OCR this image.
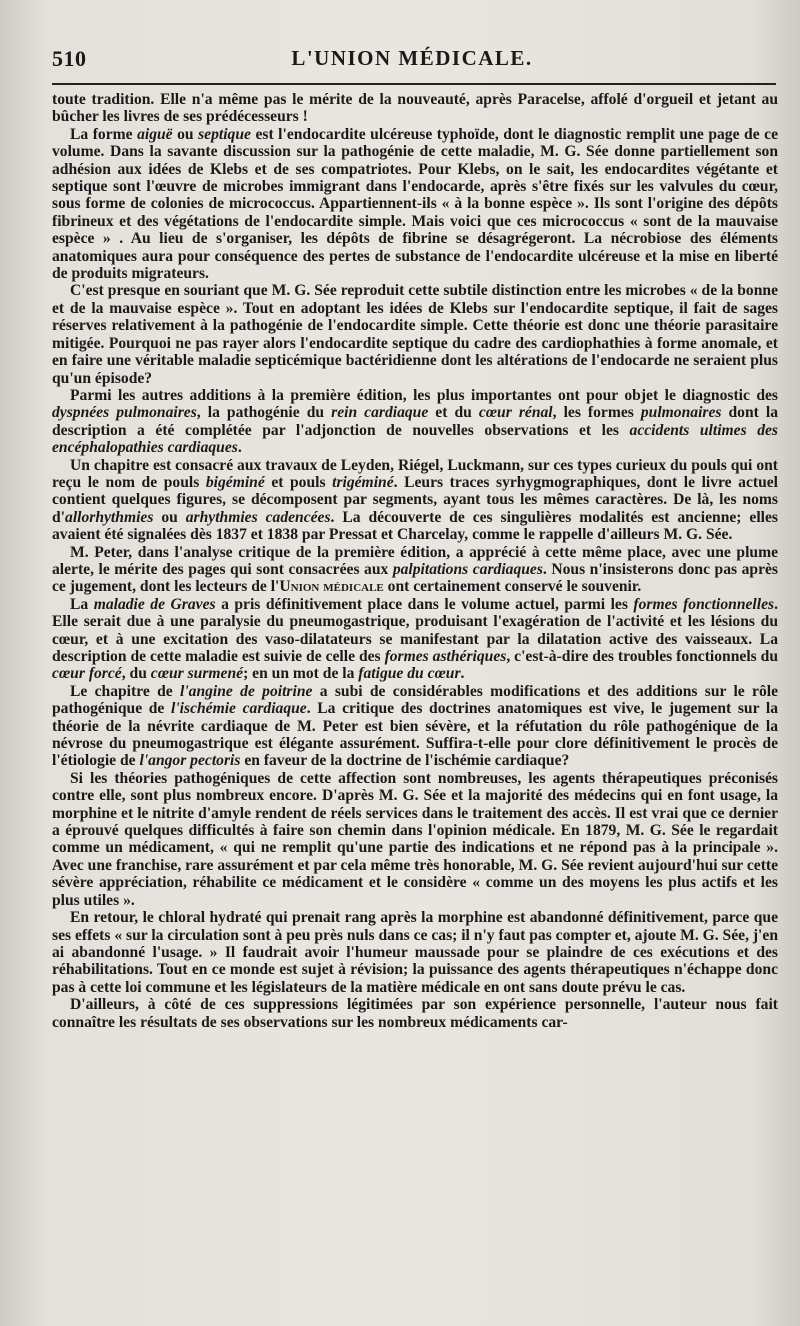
510	L'UNION MÉDICALE.

toute tradition. Elle n'a même pas le mérite de la nouveauté, après Paracelse, affolé d'orgueil et jetant au bûcher les livres de ses prédécesseurs !

La forme aiguë ou septique est l'endocardite ulcéreuse typhoïde, dont le diagnostic remplit une page de ce volume. Dans la savante discussion sur la pathogénie de cette maladie, M. G. Sée donne partiellement son adhésion aux idées de Klebs et de ses compatriotes. Pour Klebs, on le sait, les endocardites végétante et septique sont l'œuvre de microbes immigrant dans l'endocarde, après s'être fixés sur les valvules du cœur, sous forme de colonies de micrococcus. Appartiennent-ils « à la bonne espèce ». Ils sont l'origine des dépôts fibrineux et des végétations de l'endocardite simple. Mais voici que ces micrococcus « sont de la mauvaise espèce » . Au lieu de s'organiser, les dépôts de fibrine se désagrégeront. La nécrobiose des éléments anatomiques aura pour conséquence des pertes de substance de l'endocardite ulcéreuse et la mise en liberté de produits migrateurs.

C'est presque en souriant que M. G. Sée reproduit cette subtile distinction entre les microbes « de la bonne et de la mauvaise espèce ». Tout en adoptant les idées de Klebs sur l'endocardite septique, il fait de sages réserves relativement à la pathogénie de l'endocardite simple. Cette théorie est donc une théorie parasitaire mitigée. Pourquoi ne pas rayer alors l'endocardite septique du cadre des cardiophathies à forme anomale, et en faire une véritable maladie septicémique bactéridienne dont les altérations de l'endocarde ne seraient plus qu'un épisode?

Parmi les autres additions à la première édition, les plus importantes ont pour objet le diagnostic des dyspnées pulmonaires, la pathogénie du rein cardiaque et du cœur rénal, les formes pulmonaires dont la description a été complétée par l'adjonction de nouvelles observations et les accidents ultimes des encéphalopathies cardiaques.

Un chapitre est consacré aux travaux de Leyden, Riégel, Luckmann, sur ces types curieux du pouls qui ont reçu le nom de pouls bigéminé et pouls trigéminé. Leurs traces syrhygmographiques, dont le livre actuel contient quelques figures, se décomposent par segments, ayant tous les mêmes caractères. De là, les noms d'allorhythmies ou arhythmies cadencées. La découverte de ces singulières modalités est ancienne; elles avaient été signalées dès 1837 et 1838 par Pressat et Charcelay, comme le rappelle d'ailleurs M. G. Sée.

M. Peter, dans l'analyse critique de la première édition, a apprécié à cette même place, avec une plume alerte, le mérite des pages qui sont consacrées aux palpitations cardiaques. Nous n'insisterons donc pas après ce jugement, dont les lecteurs de l'Union médicale ont certainement conservé le souvenir.

La maladie de Graves a pris définitivement place dans le volume actuel, parmi les formes fonctionnelles. Elle serait due à une paralysie du pneumogastrique, produisant l'exagération de l'activité et les lésions du cœur, et à une excitation des vaso-dilatateurs se manifestant par la dilatation active des vaisseaux. La description de cette maladie est suivie de celle des formes asthériques, c'est-à-dire des troubles fonctionnels du cœur forcé, du cœur surmené; en un mot de la fatigue du cœur.

Le chapitre de l'angine de poitrine a subi de considérables modifications et des additions sur le rôle pathogénique de l'ischémie cardiaque. La critique des doctrines anatomiques est vive, le jugement sur la théorie de la névrite cardiaque de M. Peter est bien sévère, et la réfutation du rôle pathogénique de la névrose du pneumogastrique est élégante assurément. Suffira-t-elle pour clore définitivement le procès de l'étiologie de l'angor pectoris en faveur de la doctrine de l'ischémie cardiaque?

Si les théories pathogéniques de cette affection sont nombreuses, les agents thérapeutiques préconisés contre elle, sont plus nombreux encore. D'après M. G. Sée et la majorité des médecins qui en font usage, la morphine et le nitrite d'amyle rendent de réels services dans le traitement des accès. Il est vrai que ce dernier a éprouvé quelques difficultés à faire son chemin dans l'opinion médicale. En 1879, M. G. Sée le regardait comme un médicament, « qui ne remplit qu'une partie des indications et ne répond pas à la principale ». Avec une franchise, rare assurément et par cela même très honorable, M. G. Sée revient aujourd'hui sur cette sévère appréciation, réhabilite ce médicament et le considère « comme un des moyens les plus actifs et les plus utiles ».

En retour, le chloral hydraté qui prenait rang après la morphine est abandonné définitivement, parce que ses effets « sur la circulation sont à peu près nuls dans ce cas; il n'y faut pas compter et, ajoute M. G. Sée, j'en ai abandonné l'usage. » Il faudrait avoir l'humeur maussade pour se plaindre de ces exécutions et des réhabilitations. Tout en ce monde est sujet à révision; la puissance des agents thérapeutiques n'échappe donc pas à cette loi commune et les législateurs de la matière médicale en ont sans doute prévu le cas.

D'ailleurs, à côté de ces suppressions légitimées par son expérience personnelle, l'auteur nous fait connaître les résultats de ses observations sur les nombreux médicaments car-
